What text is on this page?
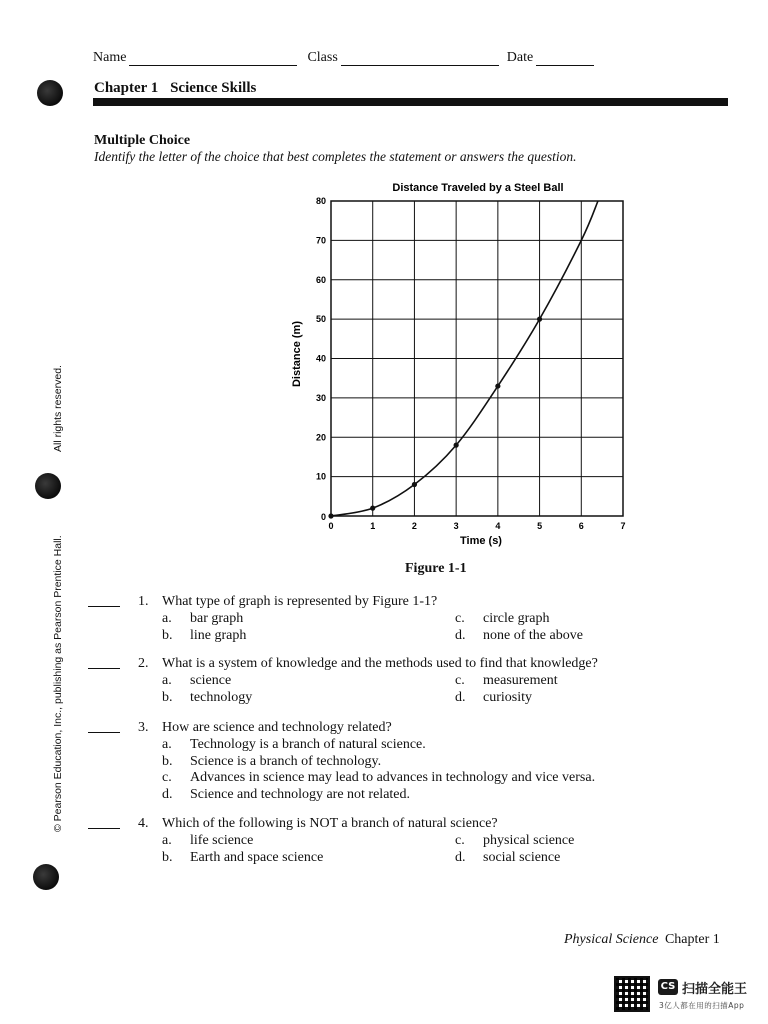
All rights reserved.
© Pearson Education, Inc., publishing as Pearson Prentice Hall.
Name	Class	Date
Chapter 1 Science Skills
Multiple Choice
Identify the letter of the choice that best completes the statement or answers the question.
Distance Traveled by a Steel Ball
Distance (m)
Time (s)
0	1	2	3	4	5	6	7
10
20
30
40
50
60
70
80
0
Figure 1-1
1. What type of graph is represented by Figure 1-1?
a. bar graph
b. line graph
c. circle graph
d. none of the above
2. What is a system of knowledge and the methods used to find that knowledge?
a. science
b. technology
c. measurement
d. curiosity
3. How are science and technology related?
a. Technology is a branch of natural science.
b. Science is a branch of technology.
c. Advances in science may lead to advances in technology and vice versa.
d. Science and technology are not related.
4. Which of the following is NOT a branch of natural science?
a. life science
b. Earth and space science
c. physical science
d. social science
Physical Science Chapter 1
CS 扫描全能王
3亿人都在用的扫描App
